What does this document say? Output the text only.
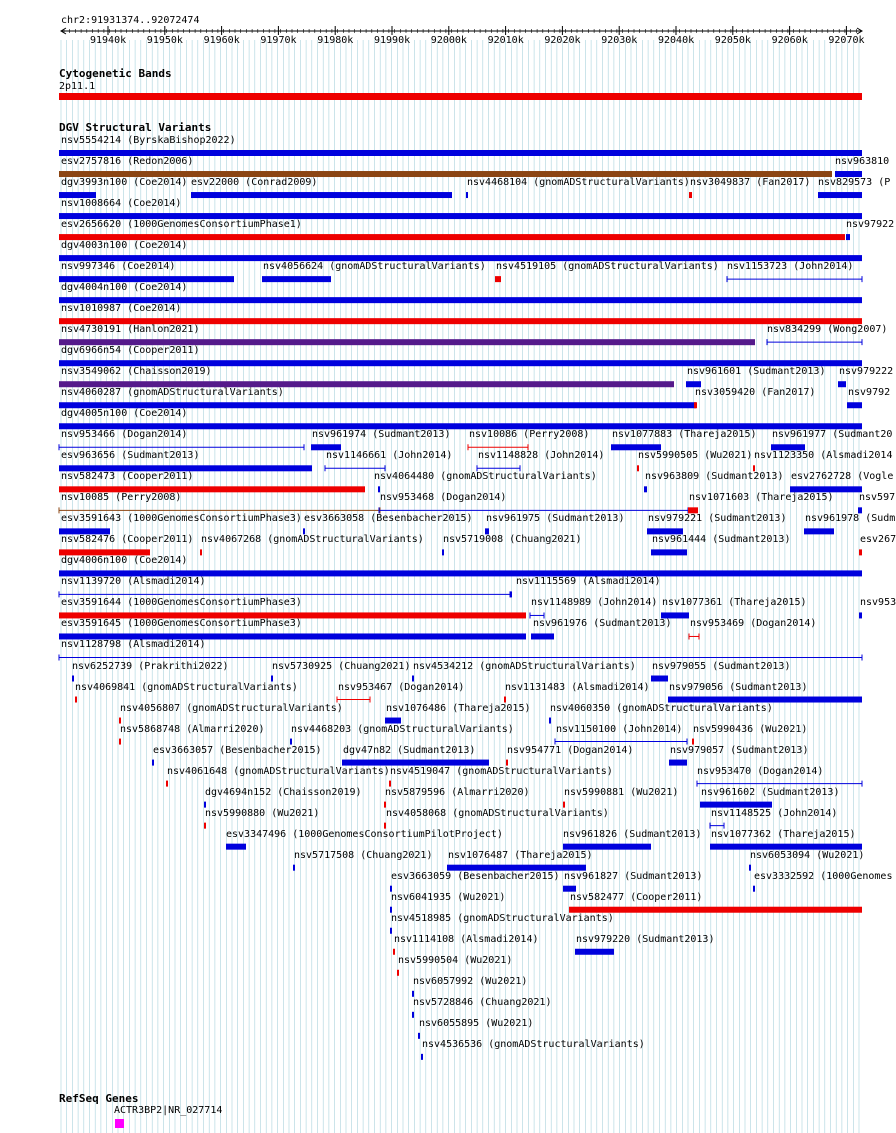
chr2:91931374..92072474
91940k 91950k 91960k 91970k 91980k 91990k 92000k 92010k 92020k 92030k 92040k 92050k 92060k 92070k
Cytogenetic Bands
2p11.1
DGV Structural Variants
nsv5554214 (ByrskaBishop2022)
esv2757816 (Redon2006)	nsv963810
dgv3993n100 (Coe2014) esv22000 (Conrad2009)	nsv4468104 (gnomADStructuralVariants) nsv3049837 (Fan2017) nsv829573 (P
nsv1008664 (Coe2014)
esv2656620 (1000GenomesConsortiumPhase1)	nsv97922
dgv4003n100 (Coe2014)
nsv997346 (Coe2014)	nsv4056624 (gnomADStructuralVariants) nsv4519105 (gnomADStructuralVariants) nsv1153723 (John2014)
dgv4004n100 (Coe2014)
nsv1010987 (Coe2014)
nsv4730191 (Hanlon2021)	nsv834299 (Wong2007)
dgv6966n54 (Cooper2011)
nsv3549062 (Chaisson2019)	nsv961601 (Sudmant2013) nsv979222
nsv4060287 (gnomADStructuralVariants)	nsv3059420 (Fan2017)	nsv9792
dgv4005n100 (Coe2014)
nsv953466 (Dogan2014)	nsv961974 (Sudmant2013) nsv10086 (Perry2008) nsv1077883 (Thareja2015) nsv961977 (Sudmant20
esv963656 (Sudmant2013)	nsv1146661 (John2014)	nsv1148828 (John2014)	nsv5990505 (Wu2021) nsv1123350 (Alsmadi2014
nsv582473 (Cooper2011)	nsv4064480 (gnomADStructuralVariants)	nsv963809 (Sudmant2013) esv2762728 (Vogle
nsv10085 (Perry2008)	nsv953468 (Dogan2014)	nsv1071603 (Thareja2015)	nsv597
esv3591643 (1000GenomesConsortiumPhase3) esv3663058 (Besenbacher2015) nsv961975 (Sudmant2013) nsv979221 (Sudmant2013) nsv961978 (Sudm
nsv582476 (Cooper2011) nsv4067268 (gnomADStructuralVariants) nsv5719008 (Chuang2021)	nsv961444 (Sudmant2013)	esv267
dgv4006n100 (Coe2014)
nsv1139720 (Alsmadi2014)	nsv1115569 (Alsmadi2014)
esv3591644 (1000GenomesConsortiumPhase3)	nsv1148989 (John2014) nsv1077361 (Thareja2015)	nsv953
esv3591645 (1000GenomesConsortiumPhase3)	nsv961976 (Sudmant2013) nsv953469 (Dogan2014)
nsv1128798 (Alsmadi2014)
nsv6252739 (Prakrithi2022)	nsv5730925 (Chuang2021) nsv4534212 (gnomADStructuralVariants) nsv979055 (Sudmant2013)
nsv4069841 (gnomADStructuralVariants)	nsv953467 (Dogan2014)	nsv1131483 (Alsmadi2014) nsv979056 (Sudmant2013)
nsv4056807 (gnomADStructuralVariants)	nsv1076486 (Thareja2015) nsv4060350 (gnomADStructuralVariants)
nsv5868748 (Almarri2020)	nsv4468203 (gnomADStructuralVariants)	nsv1150100 (John2014) nsv5990436 (Wu2021)
esv3663057 (Besenbacher2015) dgv47n82 (Sudmant2013)	nsv954771 (Dogan2014)	nsv979057 (Sudmant2013)
nsv4061648 (gnomADStructuralVariants) nsv4519047 (gnomADStructuralVariants)	nsv953470 (Dogan2014)
dgv4694n152 (Chaisson2019) nsv5879596 (Almarri2020)	nsv5990881 (Wu2021) nsv961602 (Sudmant2013)
nsv5990880 (Wu2021)	nsv4058068 (gnomADStructuralVariants)	nsv1148525 (John2014)
esv3347496 (1000GenomesConsortiumPilotProject)	nsv961826 (Sudmant2013) nsv1077362 (Thareja2015)
nsv5717508 (Chuang2021) nsv1076487 (Thareja2015)	nsv6053094 (Wu2021)
esv3663059 (Besenbacher2015) nsv961827 (Sudmant2013)	esv3332592 (1000Genomes
nsv6041935 (Wu2021)	nsv582477 (Cooper2011)
nsv4518985 (gnomADStructuralVariants)
nsv1114108 (Alsmadi2014)	nsv979220 (Sudmant2013)
nsv5990504 (Wu2021)
nsv6057992 (Wu2021)
nsv5728846 (Chuang2021)
nsv6055895 (Wu2021)
nsv4536536 (gnomADStructuralVariants)
RefSeq Genes
ACTR3BP2|NR_027714
